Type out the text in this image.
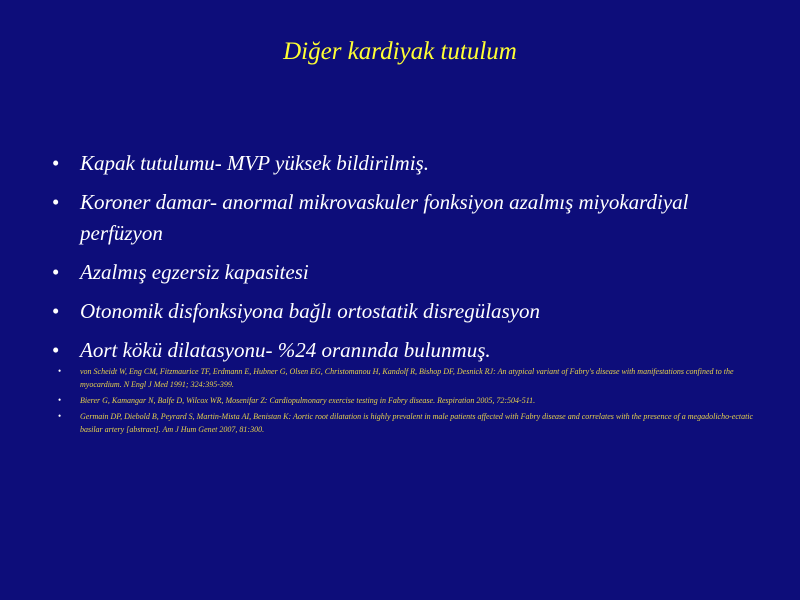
Diğer kardiyak tutulum
• Kapak tutulumu- MVP yüksek bildirilmiş.
• Koroner damar- anormal mikrovaskuler fonksiyon azalmış miyokardiyal perfüzyon
• Azalmış egzersiz kapasitesi
• Otonomik disfonksiyona bağlı ortostatik disregülasyon
• Aort kökü dilatasyonu- %24 oranında bulunmuş.
• von Scheidt W, Eng CM, Fitzmaurice TF, Erdmann E, Hubner G, Olsen EG, Christomanou H, Kandolf R, Bishop DF, Desnick RJ: An atypical variant of Fabry's disease with manifestations confined to the myocardium. N Engl J Med 1991; 324:395-399.
• Bierer G, Kamangar N, Balfe D, Wilcox WR, Mosenifar Z: Cardiopulmonary exercise testing in Fabry disease. Respiration 2005, 72:504-511.
• Germain DP, Diebold B, Peyrard S, Martin-Mista AI, Benistan K: Aortic root dilatation is highly prevalent in male patients affected with Fabry disease and correlates with the presence of a megadolicho-ectatic basilar artery [abstract]. Am J Hum Genet 2007, 81:300.
